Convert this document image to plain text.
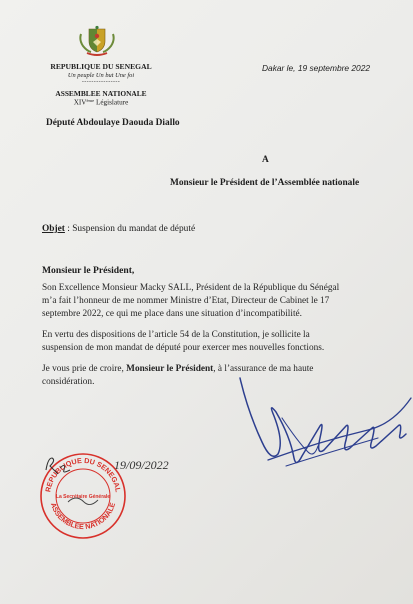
REPUBLIQUE DU SENEGAL
Un peuple Un but Une foi
----------------
ASSEMBLEE NATIONALE
XIVème Législature
Député Abdoulaye Daouda Diallo
Dakar le, 19 septembre 2022
A
Monsieur le Président de l’Assemblée nationale
Objet : Suspension du mandat de député
Monsieur le Président,
Son Excellence Monsieur Macky SALL, Président de la République du Sénégal
m’a fait l’honneur de me nommer Ministre d’Etat, Directeur de Cabinet le 17
septembre 2022, ce qui me place dans une situation d’incompatibilité.
En vertu des dispositions de l’article 54 de la Constitution, je sollicite la
suspension de mon mandat de député pour exercer mes nouvelles fonctions.
Je vous prie de croire, Monsieur le Président, à l’assurance de ma haute
considération.
REPUBLIQUE DU SENEGAL
ASSEMBLEE NATIONALE
La Secrétaire Générale
19/09/2022
